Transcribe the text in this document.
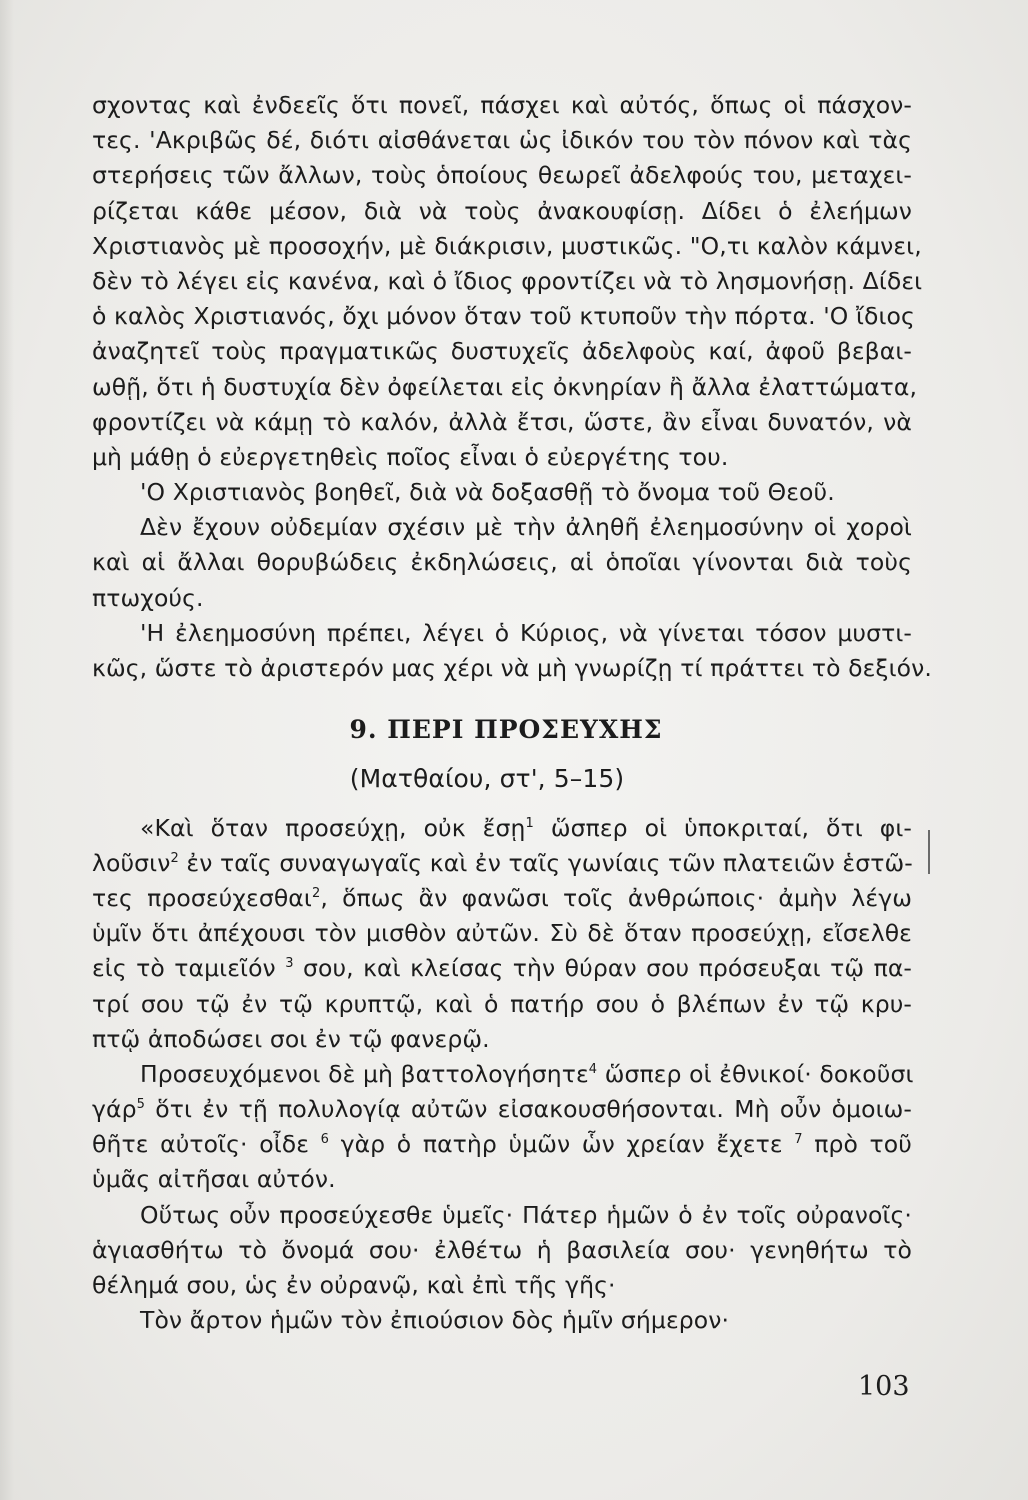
σχοντας καὶ ἐνδεεῖς ὅτι πονεῖ, πάσχει καὶ αὐτός, ὅπως οἱ πάσχον-
τες. 'Ακριβῶς δέ, διότι αἰσθάνεται ὡς ἰδικόν του τὸν πόνον καὶ τὰς
στερήσεις τῶν ἄλλων, τοὺς ὁποίους θεωρεῖ ἀδελφούς του, μεταχει-
ρίζεται κάθε μέσον, διὰ νὰ τοὺς ἀνακουφίσῃ. Δίδει ὁ ἐλεήμων
Χριστιανὸς μὲ προσοχήν, μὲ διάκρισιν, μυστικῶς. "Ο,τι καλὸν κάμνει,
δὲν τὸ λέγει εἰς κανένα, καὶ ὁ ἴδιος φροντίζει νὰ τὸ λησμονήσῃ. Δίδει
ὁ καλὸς Χριστιανός, ὄχι μόνον ὅταν τοῦ κτυποῦν τὴν πόρτα. 'Ο ἴδιος
ἀναζητεῖ τοὺς πραγματικῶς δυστυχεῖς ἀδελφοὺς καί, ἀφοῦ βεβαι-
ωθῇ, ὅτι ἡ δυστυχία δὲν ὀφείλεται εἰς ὀκνηρίαν ἢ ἄλλα ἐλαττώματα,
φροντίζει νὰ κάμῃ τὸ καλόν, ἀλλὰ ἔτσι, ὥστε, ἂν εἶναι δυνατόν, νὰ
μὴ μάθῃ ὁ εὐεργετηθεὶς ποῖος εἶναι ὁ εὐεργέτης του.
'Ο Χριστιανὸς βοηθεῖ, διὰ νὰ δοξασθῇ τὸ ὄνομα τοῦ Θεοῦ.
Δὲν ἔχουν οὐδεμίαν σχέσιν μὲ τὴν ἀληθῆ ἐλεημοσύνην οἱ χοροὶ
καὶ αἱ ἄλλαι θορυβώδεις ἐκδηλώσεις, αἱ ὁποῖαι γίνονται διὰ τοὺς
πτωχούς.
'Η ἐλεημοσύνη πρέπει, λέγει ὁ Κύριος, νὰ γίνεται τόσον μυστι-
κῶς, ὥστε τὸ ἀριστερόν μας χέρι νὰ μὴ γνωρίζῃ τί πράττει τὸ δεξιόν.
9. ΠΕΡΙ ΠΡΟΣΕΥΧΗΣ
(Ματθαίου, στ', 5–15)
«Καὶ ὅταν προσεύχῃ, οὐκ ἔσῃ$^1$ ὥσπερ οἱ ὑποκριταί, ὅτι φι-
λοῦσιν$^2$ ἐν ταῖς συναγωγαῖς καὶ ἐν ταῖς γωνίαις τῶν πλατειῶν ἑστῶ-
τες προσεύχεσθαι$^2$, ὅπως ἂν φανῶσι τοῖς ἀνθρώποις· ἀμὴν λέγω
ὑμῖν ὅτι ἀπέχουσι τὸν μισθὸν αὐτῶν. Σὺ δὲ ὅταν προσεύχῃ, εἴσελθε
εἰς τὸ ταμιεῖόν $^3$ σου, καὶ κλείσας τὴν θύραν σου πρόσευξαι τῷ πα-
τρί σου τῷ ἐν τῷ κρυπτῷ, καὶ ὁ πατήρ σου ὁ βλέπων ἐν τῷ κρυ-
πτῷ ἀποδώσει σοι ἐν τῷ φανερῷ.
Προσευχόμενοι δὲ μὴ βαττολογήσητε$^4$ ὥσπερ οἱ ἐθνικοί· δοκοῦσι
γάρ$^5$ ὅτι ἐν τῇ πολυλογίᾳ αὐτῶν εἰσακουσθήσονται. Μὴ οὖν ὁμοιω-
θῆτε αὐτοῖς· οἶδε $^6$ γὰρ ὁ πατὴρ ὑμῶν ὧν χρείαν ἔχετε $^7$ πρὸ τοῦ
ὑμᾶς αἰτῆσαι αὐτόν.
Οὕτως οὖν προσεύχεσθε ὑμεῖς· Πάτερ ἡμῶν ὁ ἐν τοῖς οὐρανοῖς·
ἁγιασθήτω τὸ ὄνομά σου· ἐλθέτω ἡ βασιλεία σου· γενηθήτω τὸ
θέλημά σου, ὡς ἐν οὐρανῷ, καὶ ἐπὶ τῆς γῆς·
Τὸν ἄρτον ἡμῶν τὸν ἐπιούσιον δὸς ἡμῖν σήμερον·
103
